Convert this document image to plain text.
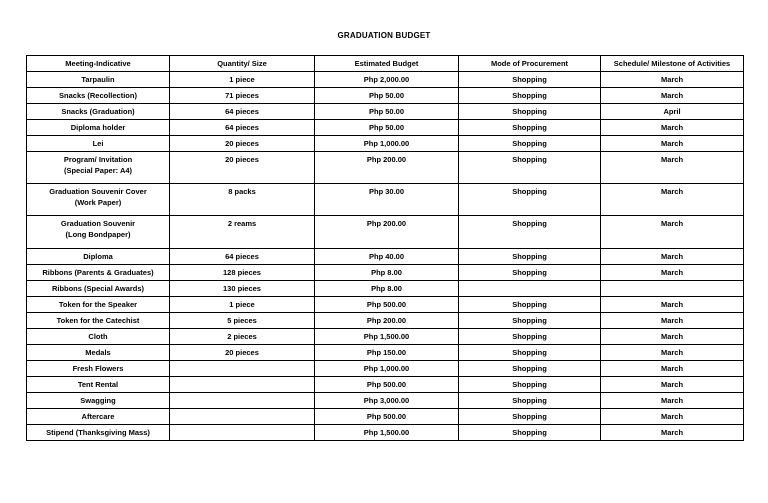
GRADUATION BUDGET
Meeting-Indicative	Quantity/ Size	Estimated Budget	Mode of Procurement	Schedule/ Milestone of Activities

Tarpaulin	1 piece	Php 2,000.00	Shopping	March

Snacks (Recollection)	71 pieces	Php 50.00	Shopping	March

Snacks (Graduation)	64 pieces	Php 50.00	Shopping	April

Diploma holder	64 pieces	Php 50.00	Shopping	March

Lei	20 pieces	Php 1,000.00	Shopping	March

Program/ Invitation
(Special Paper: A4)	20 pieces	Php 200.00	Shopping	March

Graduation Souvenir Cover
(Work Paper)	8 packs	Php 30.00	Shopping	March

Graduation Souvenir
(Long Bondpaper)	2 reams	Php 200.00	Shopping	March

Diploma	64 pieces	Php 40.00	Shopping	March

Ribbons (Parents & Graduates)	128 pieces	Php 8.00	Shopping	March

Ribbons (Special Awards)	130 pieces	Php 8.00		

Token for the Speaker	1 piece	Php 500.00	Shopping	March

Token for the Catechist	5 pieces	Php 200.00	Shopping	March

Cloth	2 pieces	Php 1,500.00	Shopping	March

Medals	20 pieces	Php 150.00	Shopping	March

Fresh Flowers		Php 1,000.00	Shopping	March

Tent Rental		Php 500.00	Shopping	March

Swagging		Php 3,000.00	Shopping	March

Aftercare		Php 500.00	Shopping	March

Stipend (Thanksgiving Mass)		Php 1,500.00	Shopping	March
